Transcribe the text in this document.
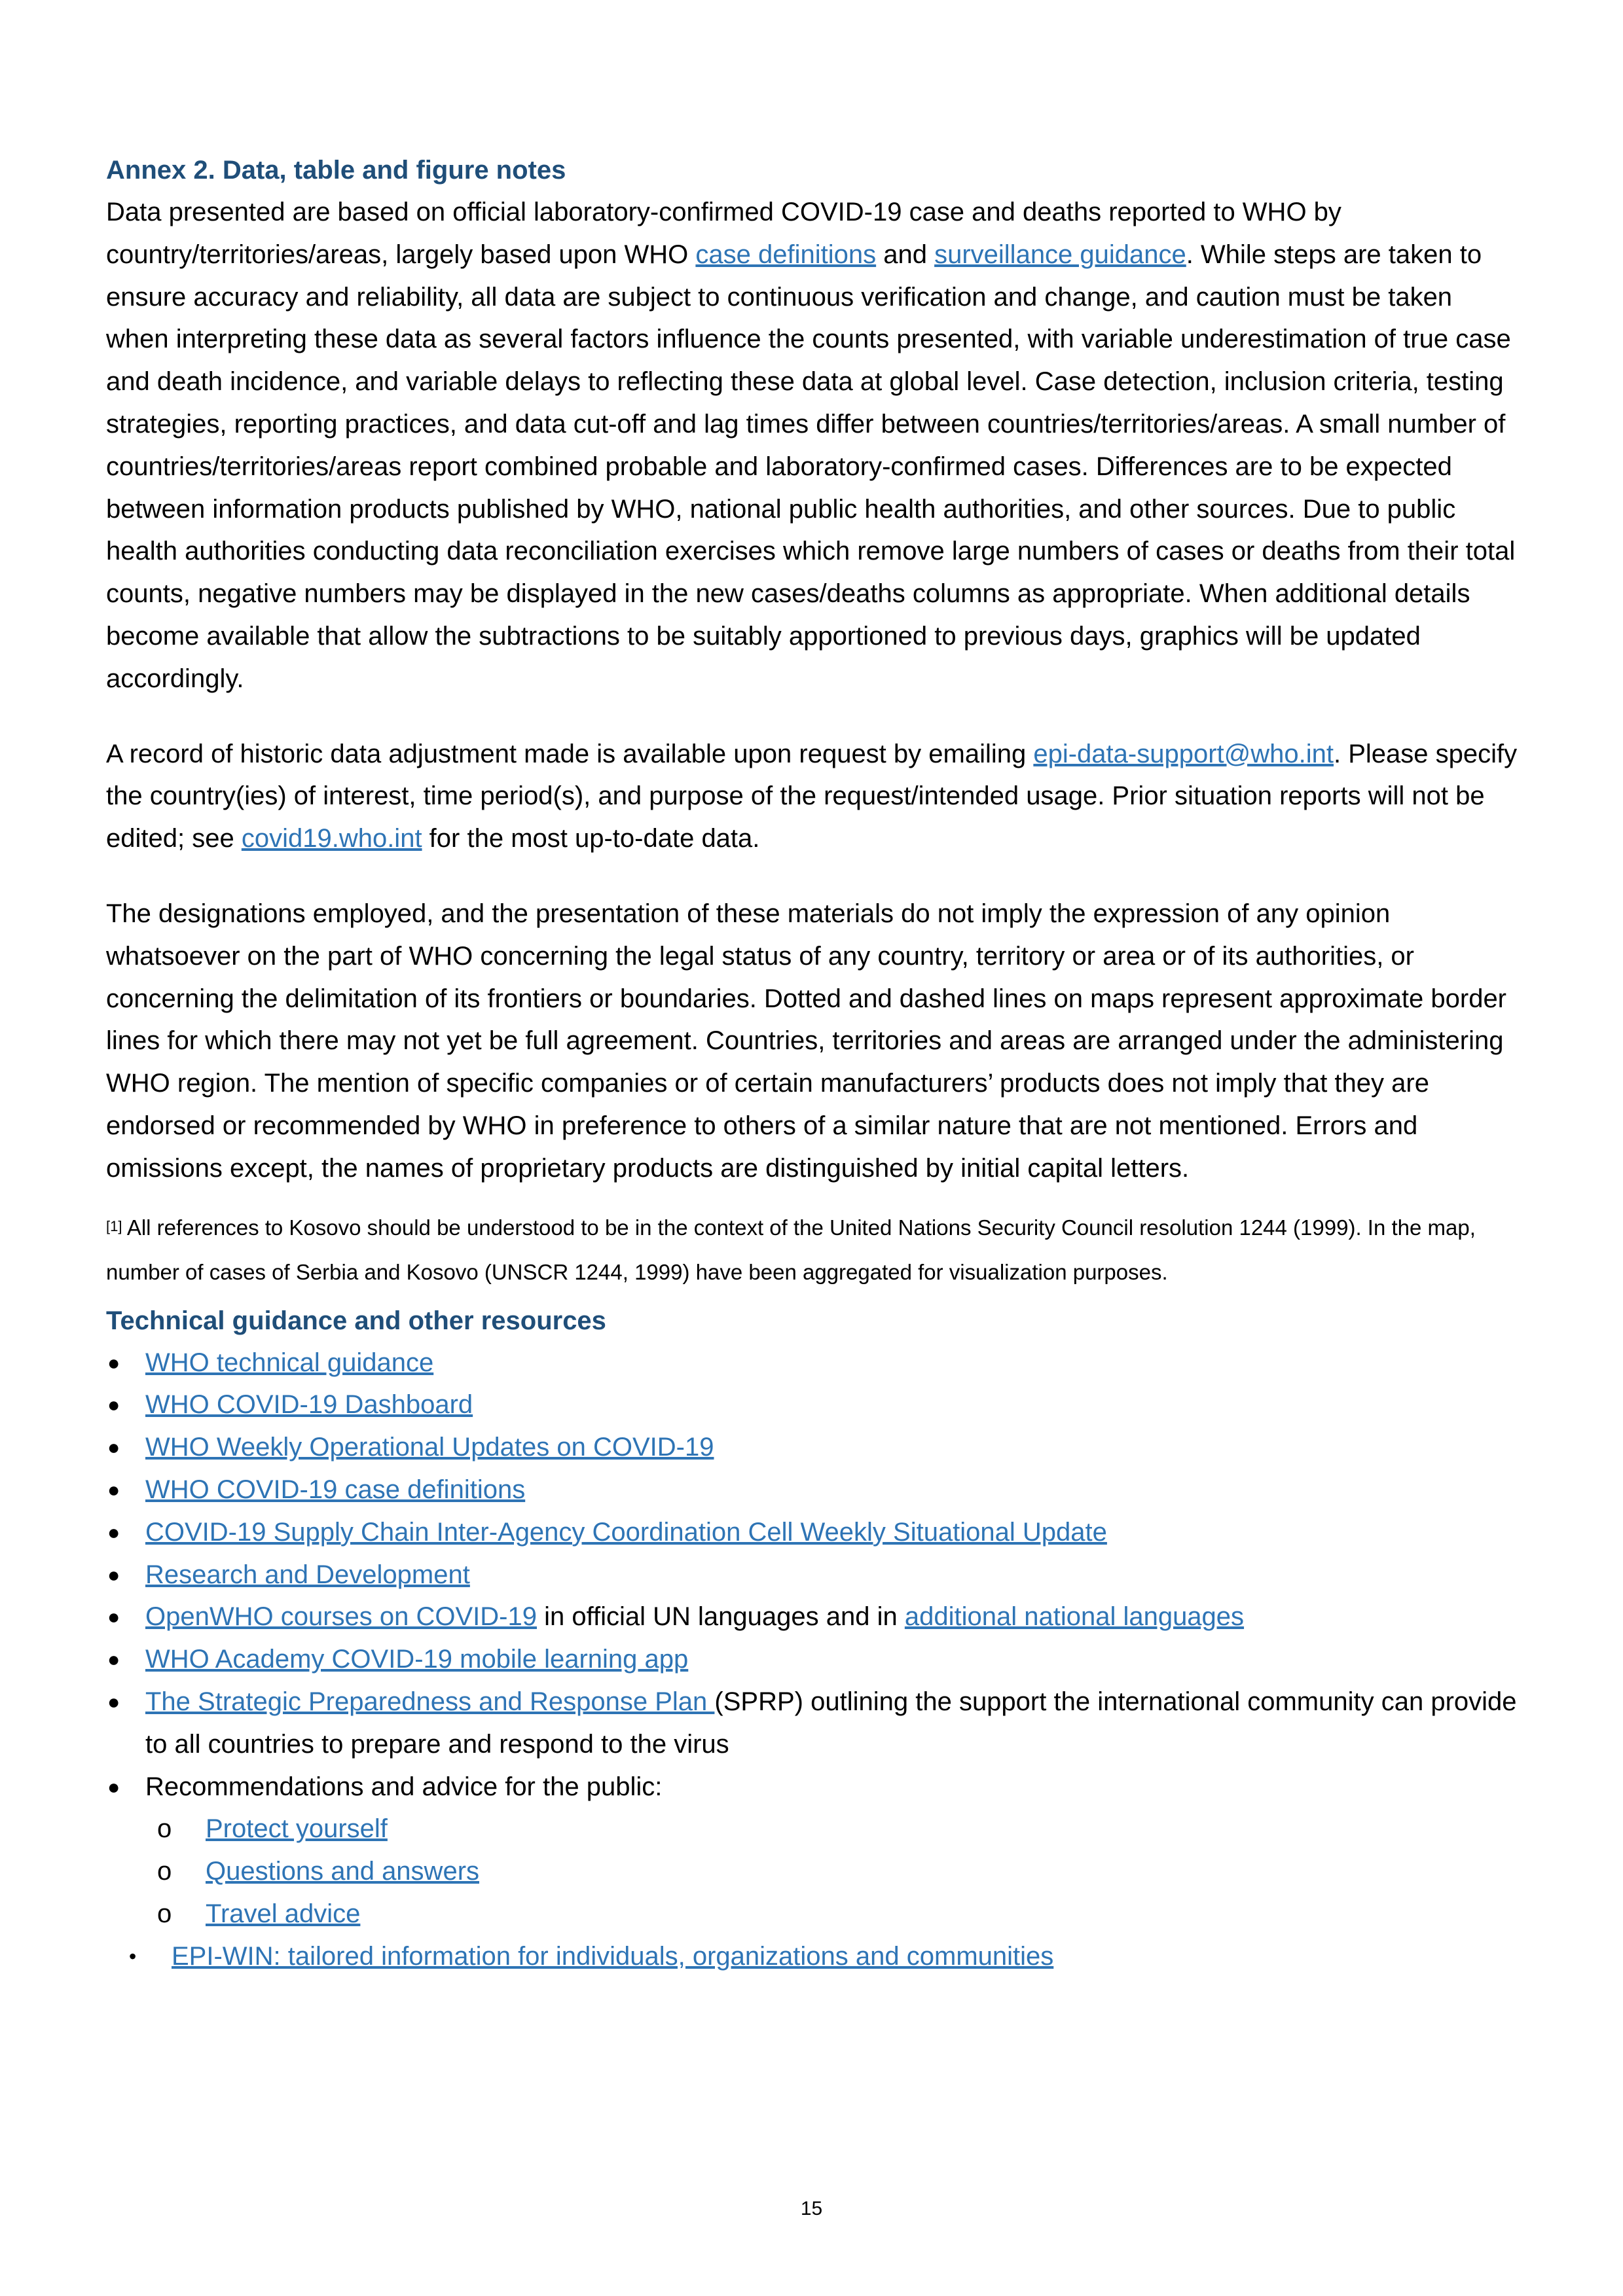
Annex 2. Data, table and figure notes

Data presented are based on official laboratory-confirmed COVID-19 case and deaths reported to WHO by country/territories/areas, largely based upon WHO case definitions and surveillance guidance. While steps are taken to ensure accuracy and reliability, all data are subject to continuous verification and change, and caution must be taken when interpreting these data as several factors influence the counts presented, with variable underestimation of true case and death incidence, and variable delays to reflecting these data at global level. Case detection, inclusion criteria, testing strategies, reporting practices, and data cut-off and lag times differ between countries/territories/areas. A small number of countries/territories/areas report combined probable and laboratory-confirmed cases. Differences are to be expected between information products published by WHO, national public health authorities, and other sources. Due to public health authorities conducting data reconciliation exercises which remove large numbers of cases or deaths from their total counts, negative numbers may be displayed in the new cases/deaths columns as appropriate. When additional details become available that allow the subtractions to be suitably apportioned to previous days, graphics will be updated accordingly.

A record of historic data adjustment made is available upon request by emailing epi-data-support@who.int. Please specify the country(ies) of interest, time period(s), and purpose of the request/intended usage. Prior situation reports will not be edited; see covid19.who.int for the most up-to-date data.

The designations employed, and the presentation of these materials do not imply the expression of any opinion whatsoever on the part of WHO concerning the legal status of any country, territory or area or of its authorities, or concerning the delimitation of its frontiers or boundaries. Dotted and dashed lines on maps represent approximate border lines for which there may not yet be full agreement. Countries, territories and areas are arranged under the administering WHO region. The mention of specific companies or of certain manufacturers’ products does not imply that they are endorsed or recommended by WHO in preference to others of a similar nature that are not mentioned. Errors and omissions except, the names of proprietary products are distinguished by initial capital letters.

[1] All references to Kosovo should be understood to be in the context of the United Nations Security Council resolution 1244 (1999). In the map, number of cases of Serbia and Kosovo (UNSCR 1244, 1999) have been aggregated for visualization purposes.

Technical guidance and other resources
● WHO technical guidance
● WHO COVID-19 Dashboard
● WHO Weekly Operational Updates on COVID-19
● WHO COVID-19 case definitions
● COVID-19 Supply Chain Inter-Agency Coordination Cell Weekly Situational Update
● Research and Development
● OpenWHO courses on COVID-19 in official UN languages and in additional national languages
● WHO Academy COVID-19 mobile learning app
● The Strategic Preparedness and Response Plan (SPRP) outlining the support the international community can provide to all countries to prepare and respond to the virus
● Recommendations and advice for the public:
o Protect yourself
o Questions and answers
o Travel advice
• EPI-WIN: tailored information for individuals, organizations and communities
15
